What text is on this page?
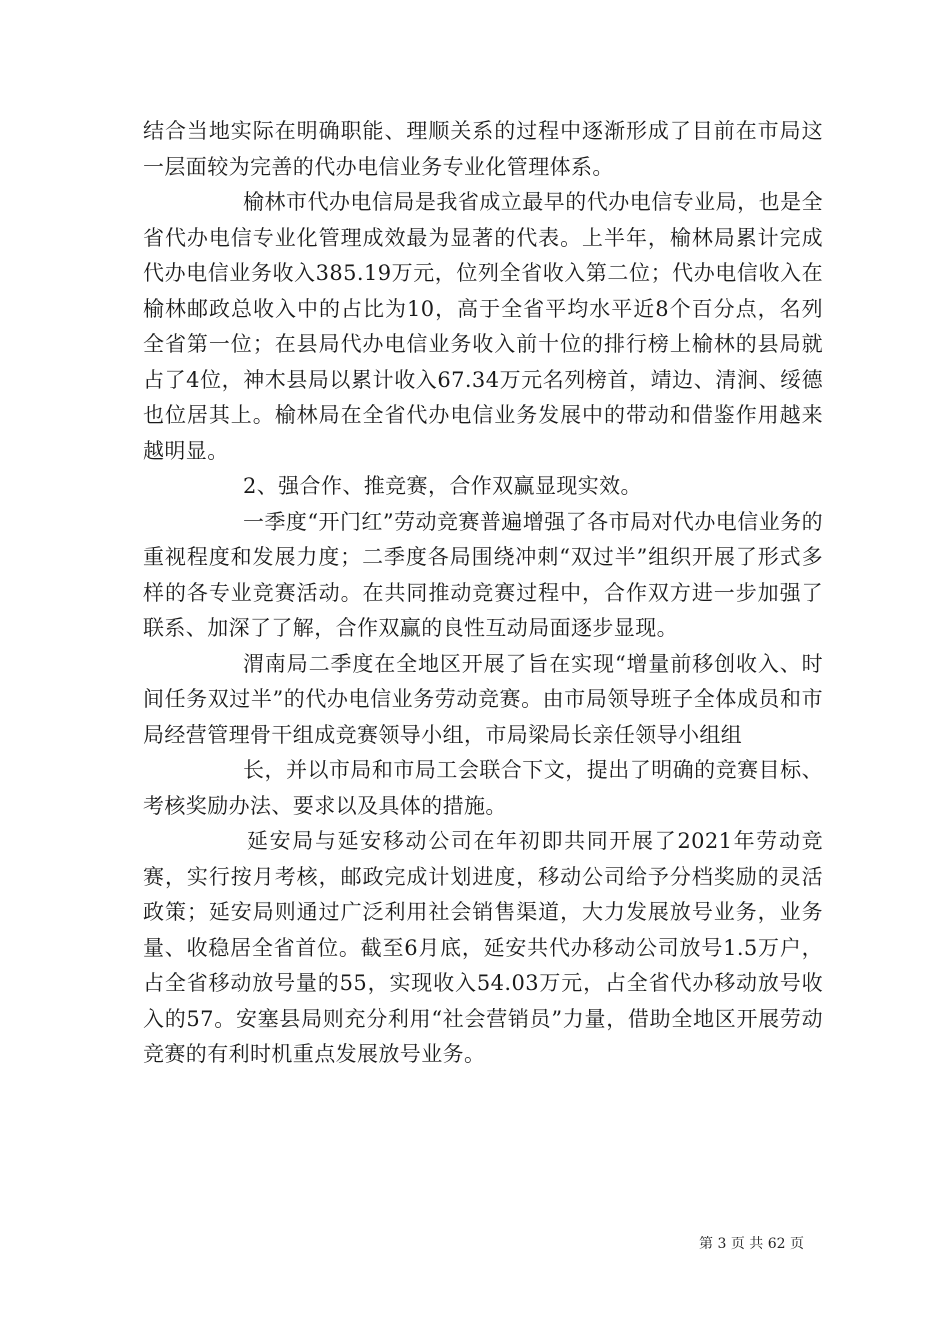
结合当地实际在明确职能、理顺关系的过程中逐渐形成了目前在市局这一层面较为完善的代办电信业务专业化管理体系。

榆林市代办电信局是我省成立最早的代办电信专业局，也是全省代办电信专业化管理成效最为显著的代表。上半年，榆林局累计完成代办电信业务收入385.19万元，位列全省收入第二位；代办电信收入在榆林邮政总收入中的占比为10，高于全省平均水平近8个百分点，名列全省第一位；在县局代办电信业务收入前十位的排行榜上榆林的县局就占了4位，神木县局以累计收入67.34万元名列榜首，靖边、清涧、绥德也位居其上。榆林局在全省代办电信业务发展中的带动和借鉴作用越来越明显。

2、强合作、推竞赛，合作双赢显现实效。

一季度“开门红”劳动竞赛普遍增强了各市局对代办电信业务的重视程度和发展力度；二季度各局围绕冲刺“双过半”组织开展了形式多样的各专业竞赛活动。在共同推动竞赛过程中，合作双方进一步加强了联系、加深了了解，合作双赢的良性互动局面逐步显现。

渭南局二季度在全地区开展了旨在实现“增量前移创收入、时间任务双过半”的代办电信业务劳动竞赛。由市局领导班子全体成员和市局经营管理骨干组成竞赛领导小组，市局梁局长亲任领导小组组

长，并以市局和市局工会联合下文，提出了明确的竞赛目标、考核奖励办法、要求以及具体的措施。

延安局与延安移动公司在年初即共同开展了2021年劳动竞赛，实行按月考核，邮政完成计划进度，移动公司给予分档奖励的灵活政策；延安局则通过广泛利用社会销售渠道，大力发展放号业务，业务量、收稳居全省首位。截至6月底，延安共代办移动公司放号1.5万户，占全省移动放号量的55，实现收入54.03万元，占全省代办移动放号收入的57。安塞县局则充分利用“社会营销员”力量，借助全地区开展劳动竞赛的有利时机重点发展放号业务。

第 3 页 共 62 页
